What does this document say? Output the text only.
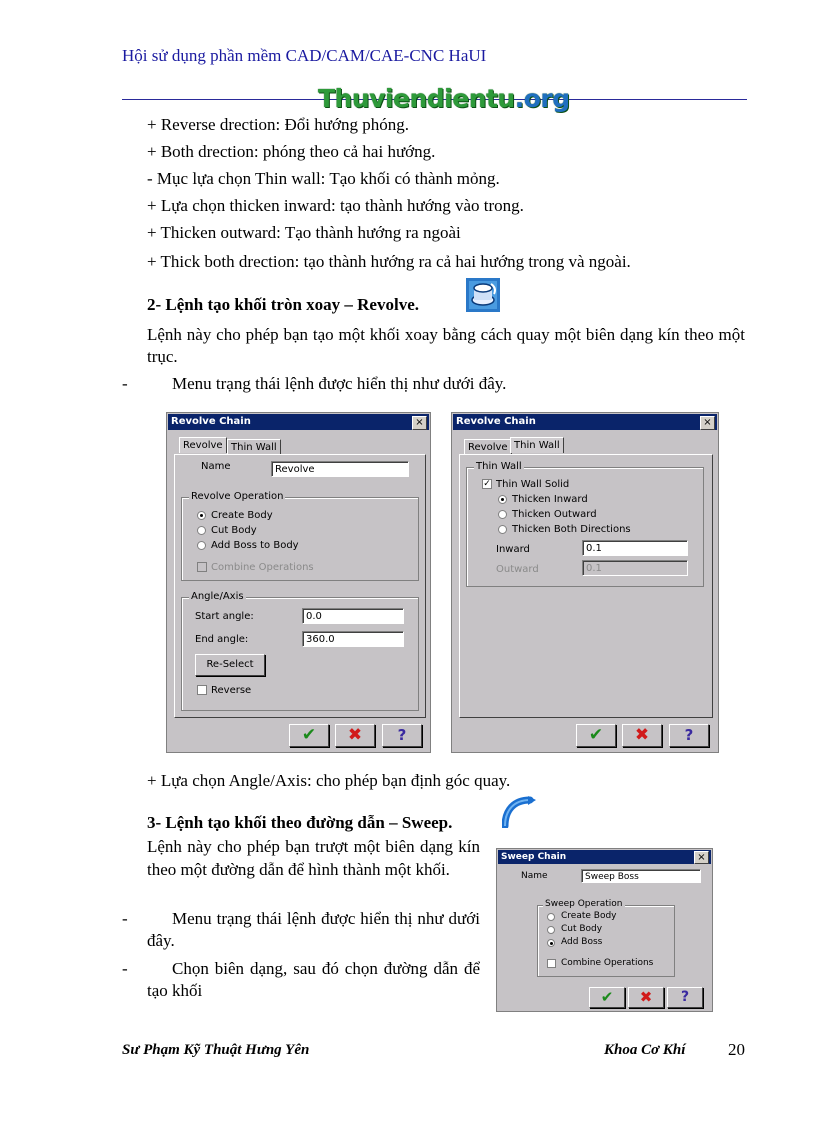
Hội sử dụng phần mềm CAD/CAM/CAE-CNC HaUI
Thuviendientu.org
+ Reverse drection: Đổi hướng phóng.
+ Both drection: phóng theo cả hai hướng.
- Mục lựa chọn Thin wall: Tạo khối có thành mỏng.
+ Lựa chọn thicken inward: tạo thành hướng vào trong.
+ Thicken outward: Tạo thành hướng ra ngoài
+ Thick both drection: tạo thành hướng ra cả hai hướng trong và ngoài.
2- Lệnh tạo khối tròn xoay – Revolve.
Lệnh này cho phép bạn tạo một khối xoay bằng cách quay một biên dạng kín theo một trục.
-	Menu trạng thái lệnh được hiển thị như dưới đây.
Revolve Chain	×
Revolve Thin Wall
Name	Revolve
Revolve Operation
Create Body
Cut Body
Add Boss to Body
Combine Operations
Angle/Axis
Start angle:	0.0
End angle:	360.0
Re-Select
Reverse
✔	✖	?
Revolve Chain	×
Revolve Thin Wall
Thin Wall
✓ Thin Wall Solid
Thicken Inward
Thicken Outward
Thicken Both Directions
Inward	0.1
Outward	0.1
✔	✖	?
+ Lựa chọn Angle/Axis: cho phép bạn định góc quay.
3- Lệnh tạo khối theo đường dẫn – Sweep.
Lệnh này cho phép bạn trượt một biên dạng kín theo một đường dẫn để hình thành một khối.
-	Menu trạng thái lệnh được hiển thị như dưới đây.
-	Chọn biên dạng, sau đó chọn đường dẫn để tạo khối
Sweep Chain	×
Name	Sweep Boss
Sweep Operation
Create Body
Cut Body
Add Boss
Combine Operations
✔	✖	?
Sư Phạm Kỹ Thuật Hưng Yên	Khoa Cơ Khí	20
